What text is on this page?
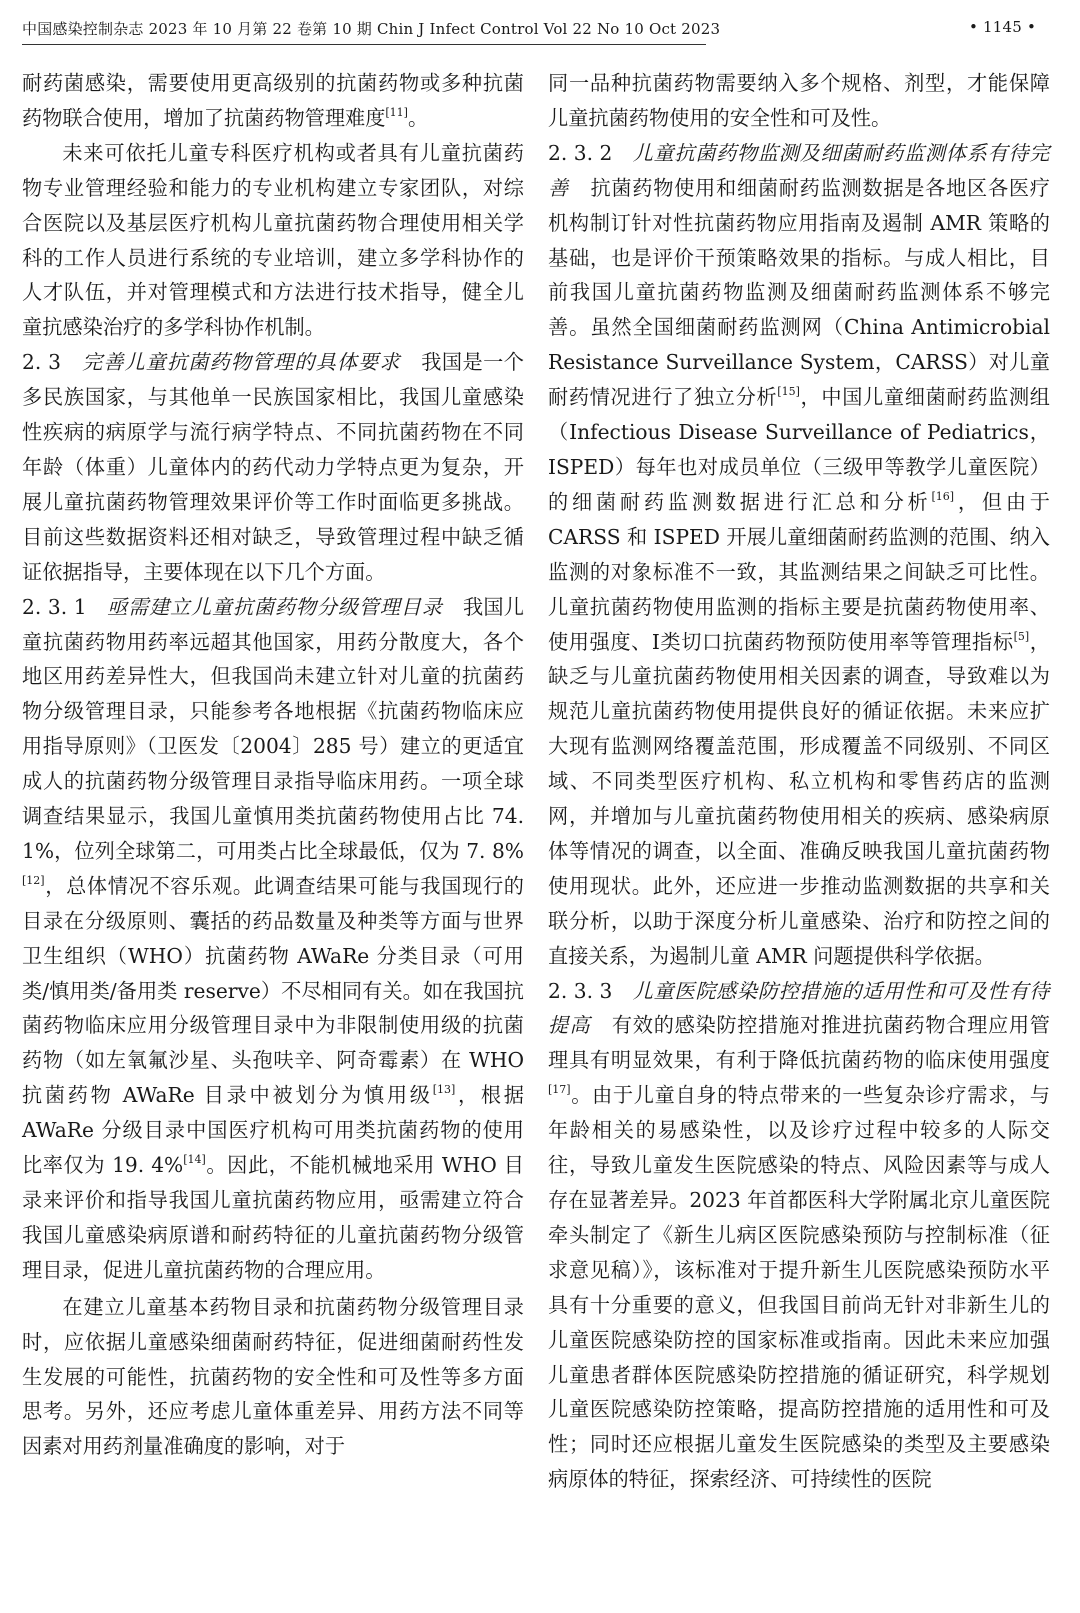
中国感染控制杂志 2023 年 10 月第 22 卷第 10 期 Chin J Infect Control Vol 22 No 10 Oct 2023	• 1145 •

耐药菌感染，需要使用更高级别的抗菌药物或多种抗菌药物联合使用，增加了抗菌药物管理难度[11]。

未来可依托儿童专科医疗机构或者具有儿童抗菌药物专业管理经验和能力的专业机构建立专家团队，对综合医院以及基层医疗机构儿童抗菌药物合理使用相关学科的工作人员进行系统的专业培训，建立多学科协作的人才队伍，并对管理模式和方法进行技术指导，健全儿童抗感染治疗的多学科协作机制。

2. 3　 完善儿童抗菌药物管理的具体要求　 我国是一个多民族国家，与其他单一民族国家相比，我国儿童感染性疾病的病原学与流行病学特点、不同抗菌药物在不同年龄（体重）儿童体内的药代动力学特点更为复杂，开展儿童抗菌药物管理效果评价等工作时面临更多挑战。目前这些数据资料还相对缺乏，导致管理过程中缺乏循证依据指导，主要体现在以下几个方面。

2. 3. 1　 亟需建立儿童抗菌药物分级管理目录　 我国儿童抗菌药物用药率远超其他国家，用药分散度大，各个地区用药差异性大，但我国尚未建立针对儿童的抗菌药物分级管理目录，只能参考各地根据《抗菌药物临床应用指导原则》（卫医发〔2004〕285 号）建立的更适宜成人的抗菌药物分级管理目录指导临床用药。一项全球调查结果显示，我国儿童慎用类抗菌药物使用占比 74. 1%，位列全球第二，可用类占比全球最低，仅为 7. 8%[12]，总体情况不容乐观。此调查结果可能与我国现行的目录在分级原则、囊括的药品数量及种类等方面与世界卫生组织（WHO）抗菌药物 AWaRe 分类目录（可用类/慎用类/备用类 reserve）不尽相同有关。如在我国抗菌药物临床应用分级管理目录中为非限制使用级的抗菌药物（如左氧氟沙星、头孢呋辛、阿奇霉素）在 WHO 抗菌药物 AWaRe 目录中被划分为慎用级[13]，根据 AWaRe 分级目录中国医疗机构可用类抗菌药物的使用比率仅为 19. 4%[14]。因此，不能机械地采用 WHO 目录来评价和指导我国儿童抗菌药物应用，亟需建立符合我国儿童感染病原谱和耐药特征的儿童抗菌药物分级管理目录，促进儿童抗菌药物的合理应用。

在建立儿童基本药物目录和抗菌药物分级管理目录时，应依据儿童感染细菌耐药特征，促进细菌耐药性发生发展的可能性，抗菌药物的安全性和可及性等多方面思考。另外，还应考虑儿童体重差异、用药方法不同等因素对用药剂量准确度的影响，对于

同一品种抗菌药物需要纳入多个规格、剂型，才能保障儿童抗菌药物使用的安全性和可及性。

2. 3. 2　 儿童抗菌药物监测及细菌耐药监测体系有待完善　 抗菌药物使用和细菌耐药监测数据是各地区各医疗机构制订针对性抗菌药物应用指南及遏制 AMR 策略的基础，也是评价干预策略效果的指标。与成人相比，目前我国儿童抗菌药物监测及细菌耐药监测体系不够完善。虽然全国细菌耐药监测网（China Antimicrobial Resistance Surveillance System，CARSS）对儿童耐药情况进行了独立分析[15]，中国儿童细菌耐药监测组（Infectious Disease Surveillance of Pediatrics，ISPED）每年也对成员单位（三级甲等教学儿童医院）的细菌耐药监测数据进行汇总和分析[16]，但由于 CARSS 和 ISPED 开展儿童细菌耐药监测的范围、纳入监测的对象标准不一致，其监测结果之间缺乏可比性。儿童抗菌药物使用监测的指标主要是抗菌药物使用率、使用强度、Ⅰ类切口抗菌药物预防使用率等管理指标[5]，缺乏与儿童抗菌药物使用相关因素的调查，导致难以为规范儿童抗菌药物使用提供良好的循证依据。未来应扩大现有监测网络覆盖范围，形成覆盖不同级别、不同区域、不同类型医疗机构、私立机构和零售药店的监测网，并增加与儿童抗菌药物使用相关的疾病、感染病原体等情况的调查，以全面、准确反映我国儿童抗菌药物使用现状。此外，还应进一步推动监测数据的共享和关联分析，以助于深度分析儿童感染、治疗和防控之间的直接关系，为遏制儿童 AMR 问题提供科学依据。

2. 3. 3　 儿童医院感染防控措施的适用性和可及性有待提高　 有效的感染防控措施对推进抗菌药物合理应用管理具有明显效果，有利于降低抗菌药物的临床使用强度[17]。由于儿童自身的特点带来的一些复杂诊疗需求，与年龄相关的易感染性，以及诊疗过程中较多的人际交往，导致儿童发生医院感染的特点、风险因素等与成人存在显著差异。2023 年首都医科大学附属北京儿童医院牵头制定了《新生儿病区医院感染预防与控制标准（征求意见稿）》，该标准对于提升新生儿医院感染预防水平具有十分重要的意义，但我国目前尚无针对非新生儿的儿童医院感染防控的国家标准或指南。因此未来应加强儿童患者群体医院感染防控措施的循证研究，科学规划儿童医院感染防控策略，提高防控措施的适用性和可及性；同时还应根据儿童发生医院感染的类型及主要感染病原体的特征，探索经济、可持续性的医院
